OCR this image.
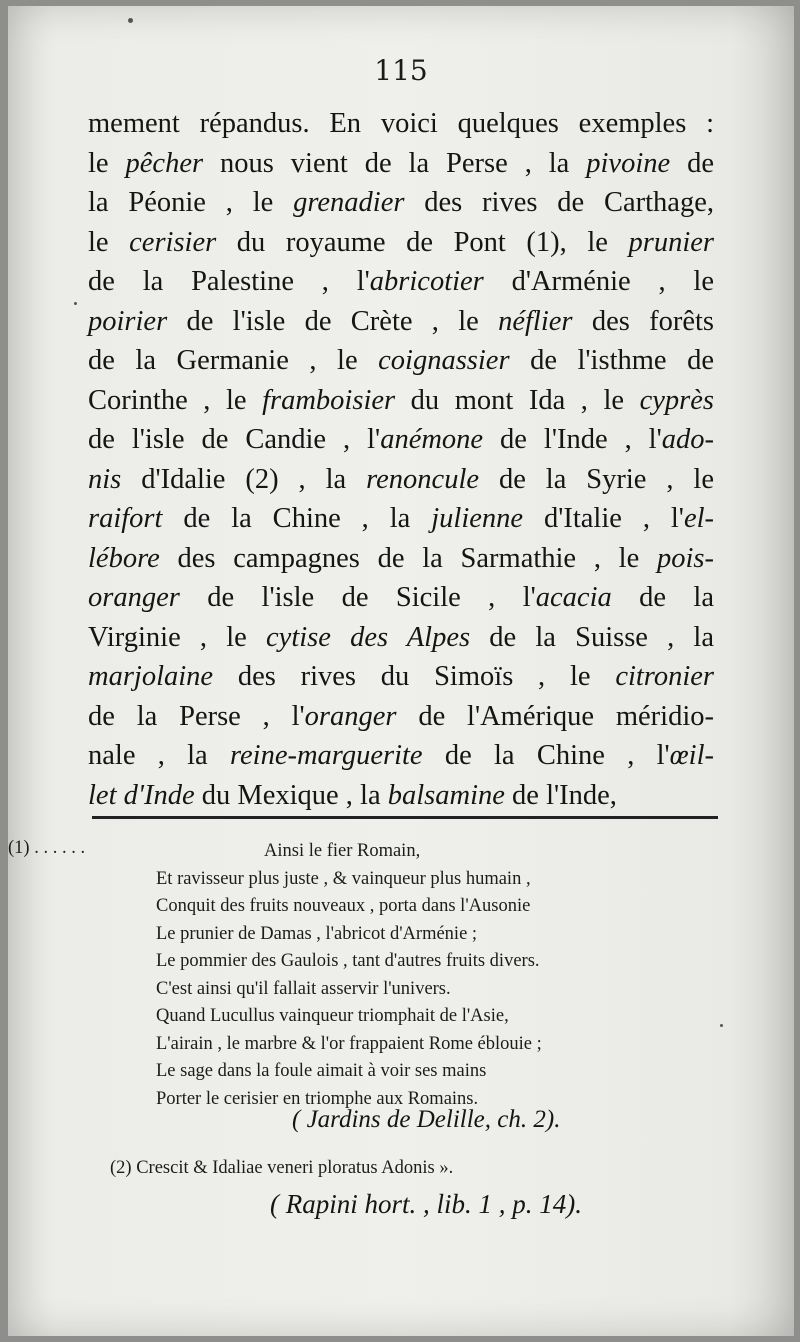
115
mement répandus. En voici quelques exemples :
le pêcher nous vient de la Perse , la pivoine de
la Péonie , le grenadier des rives de Carthage,
le cerisier du royaume de Pont (1), le prunier
de la Palestine , l'abricotier d'Arménie , le
poirier de l'isle de Crète , le néflier des forêts
de la Germanie , le coignassier de l'isthme de
Corinthe , le framboisier du mont Ida , le cyprès
de l'isle de Candie , l'anémone de l'Inde , l'ado-
nis d'Idalie (2) , la renoncule de la Syrie , le
raifort de la Chine , la julienne d'Italie , l'el-
lébore des campagnes de la Sarmathie , le pois-
oranger de l'isle de Sicile , l'acacia de la
Virginie , le cytise des Alpes de la Suisse , la
marjolaine des rives du Simoïs , le citronier
de la Perse , l'oranger de l'Amérique méridio-
nale , la reine-marguerite de la Chine , l'œil-
let d'Inde du Mexique , la balsamine de l'Inde,
(1) . . . . . .	Ainsi le fier Romain,
Et ravisseur plus juste , & vainqueur plus humain ,
Conquit des fruits nouveaux , porta dans l'Ausonie
Le prunier de Damas , l'abricot d'Arménie ;
Le pommier des Gaulois , tant d'autres fruits divers.
C'est ainsi qu'il fallait asservir l'univers.
Quand Lucullus vainqueur triomphait de l'Asie,
L'airain , le marbre & l'or frappaient Rome éblouie ;
Le sage dans la foule aimait à voir ses mains
Porter le cerisier en triomphe aux Romains.
( Jardins de Delille, ch. 2).
(2) Crescit & Idaliae veneri ploratus Adonis ».
( Rapini hort. , lib. 1 , p. 14).
